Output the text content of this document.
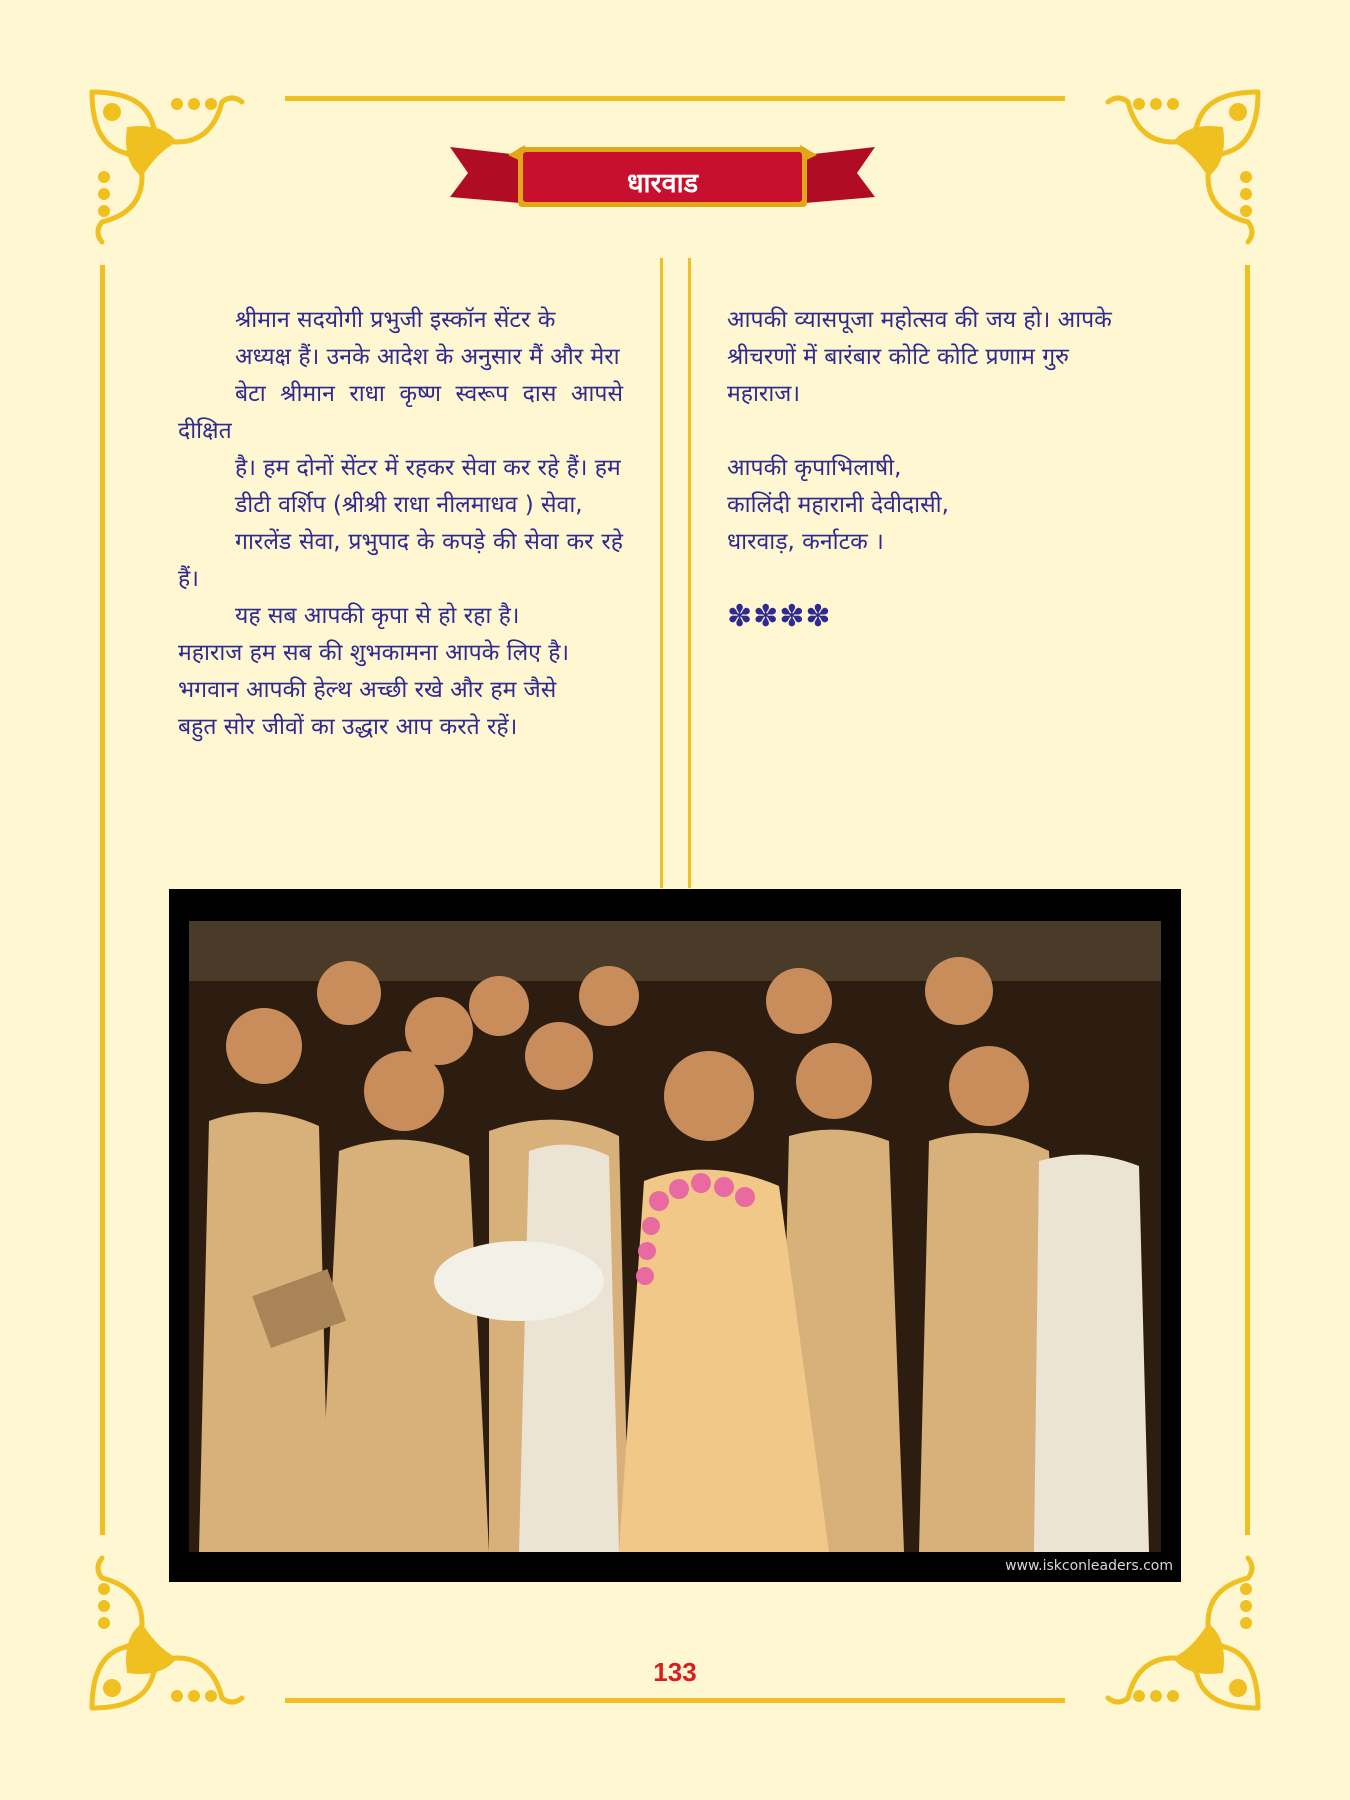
धारवाड

श्रीमान सदयोगी प्रभुजी इस्कॉन सेंटर के
अध्यक्ष हैं। उनके आदेश के अनुसार मैं और मेरा
बेटा श्रीमान राधा कृष्ण स्वरूप दास आपसे दीक्षित
है। हम दोनों सेंटर में रहकर सेवा कर रहे हैं। हम
डीटी वर्शिप (श्रीश्री राधा नीलमाधव ) सेवा,
गारलेंड सेवा, प्रभुपाद के कपड़े की सेवा कर रहे हैं।
यह सब आपकी कृपा से हो रहा है।

महाराज हम सब की शुभकामना आपके लिए है।
भगवान आपकी हेल्थ अच्छी रखे और हम जैसे
बहुत सोर जीवों का उद्धार आप करते रहें।

आपकी व्यासपूजा महोत्सव की जय हो। आपके
श्रीचरणों में बारंबार कोटि कोटि प्रणाम गुरु
महाराज।

आपकी कृपाभिलाषी,
कालिंदी महारानी देवीदासी,
धारवाड़, कर्नाटक ।

✽✽✽✽
www.iskconleaders.com
133
